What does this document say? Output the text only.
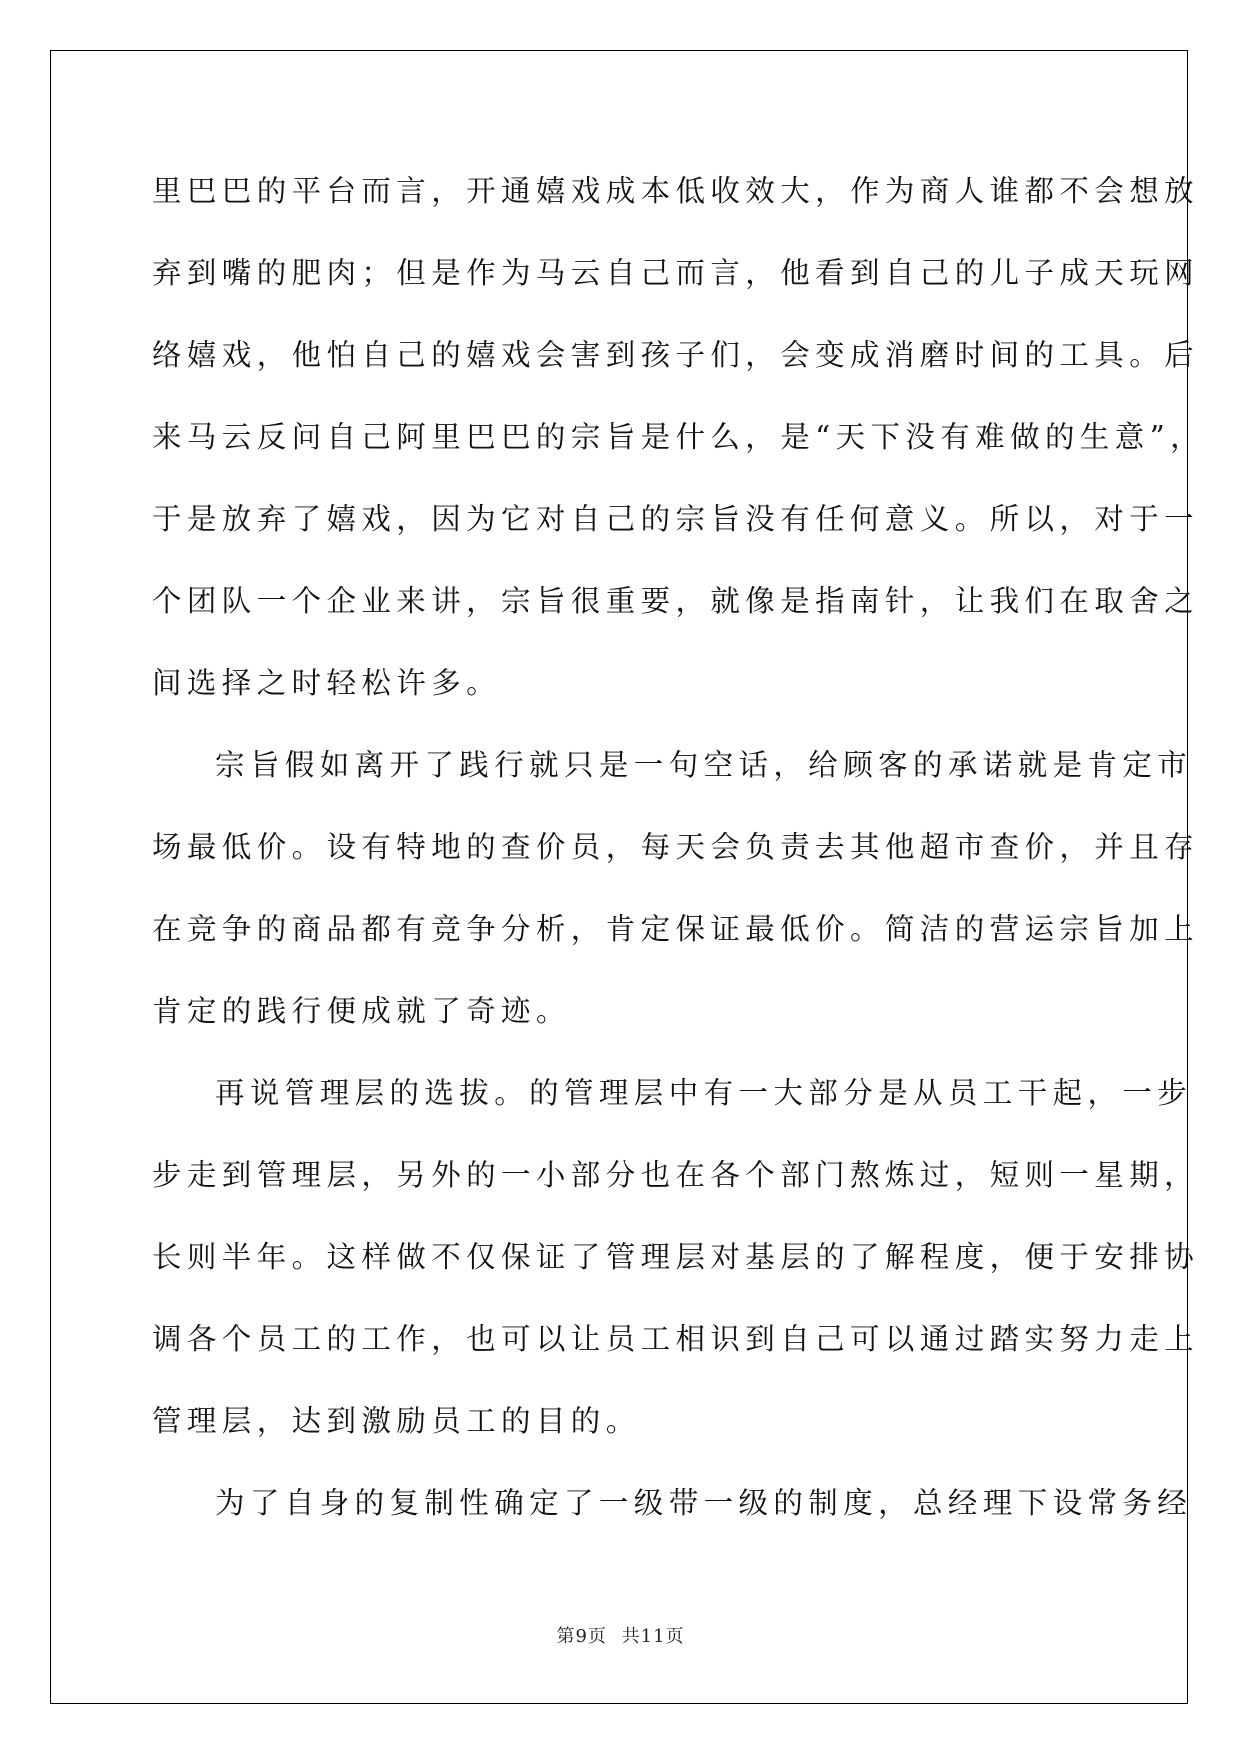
里巴巴的平台而言，开通嬉戏成本低收效大，作为商人谁都不会想放
弃到嘴的肥肉；但是作为马云自己而言，他看到自己的儿子成天玩网
络嬉戏，他怕自己的嬉戏会害到孩子们，会变成消磨时间的工具。后
来马云反问自己阿里巴巴的宗旨是什么，是“天下没有难做的生意”，
于是放弃了嬉戏，因为它对自己的宗旨没有任何意义。所以，对于一
个团队一个企业来讲，宗旨很重要，就像是指南针，让我们在取舍之
间选择之时轻松许多。
宗旨假如离开了践行就只是一句空话，给顾客的承诺就是肯定市
场最低价。设有特地的查价员，每天会负责去其他超市查价，并且存
在竞争的商品都有竞争分析，肯定保证最低价。简洁的营运宗旨加上
肯定的践行便成就了奇迹。
再说管理层的选拔。的管理层中有一大部分是从员工干起，一步
步走到管理层，另外的一小部分也在各个部门熬炼过，短则一星期，
长则半年。这样做不仅保证了管理层对基层的了解程度，便于安排协
调各个员工的工作，也可以让员工相识到自己可以通过踏实努力走上
管理层，达到激励员工的目的。
为了自身的复制性确定了一级带一级的制度，总经理下设常务经
第9页 共11页
